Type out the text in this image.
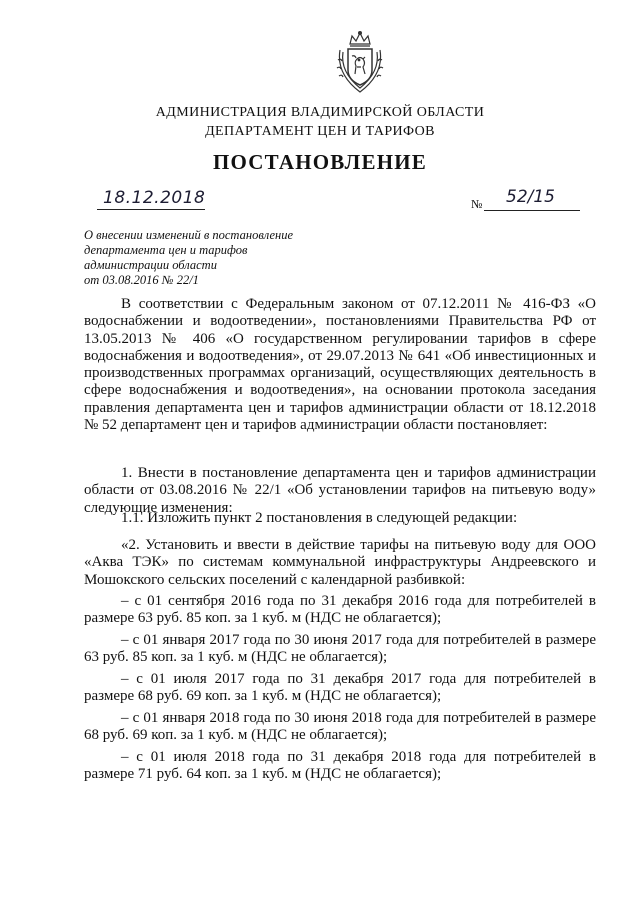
АДМИНИСТРАЦИЯ ВЛАДИМИРСКОЙ ОБЛАСТИ
ДЕПАРТАМЕНТ ЦЕН И ТАРИФОВ
ПОСТАНОВЛЕНИЕ
18.12.2018	№ 52/15
О внесении изменений в постановление
департамента цен и тарифов
администрации области
от 03.08.2016 № 22/1

В соответствии с Федеральным законом от 07.12.2011 № 416-ФЗ «О водоснабжении и водоотведении», постановлениями Правительства РФ от 13.05.2013 № 406 «О государственном регулировании тарифов в сфере водоснабжения и водоотведения», от 29.07.2013 № 641 «Об инвестиционных и производственных программах организаций, осуществляющих деятельность в сфере водоснабжения и водоотведения», на основании протокола заседания правления департамента цен и тарифов администрации области от 18.12.2018 № 52 департамент цен и тарифов администрации области постановляет:

1. Внести в постановление департамента цен и тарифов администрации области от 03.08.2016 № 22/1 «Об установлении тарифов на питьевую воду» следующие изменения:

1.1. Изложить пункт 2 постановления в следующей редакции:

«2. Установить и ввести в действие тарифы на питьевую воду для ООО «Аква ТЭК» по системам коммунальной инфраструктуры Андреевского и Мошокского сельских поселений с календарной разбивкой:

– с 01 сентября 2016 года по 31 декабря 2016 года для потребителей в размере 63 руб. 85 коп. за 1 куб. м (НДС не облагается);

– с 01 января 2017 года по 30 июня 2017 года для потребителей в размере 63 руб. 85 коп. за 1 куб. м (НДС не облагается);

– с 01 июля 2017 года по 31 декабря 2017 года для потребителей в размере 68 руб. 69 коп. за 1 куб. м (НДС не облагается);

– с 01 января 2018 года по 30 июня 2018 года для потребителей в размере 68 руб. 69 коп. за 1 куб. м (НДС не облагается);

– с 01 июля 2018 года по 31 декабря 2018 года для потребителей в размере 71 руб. 64 коп. за 1 куб. м (НДС не облагается);
